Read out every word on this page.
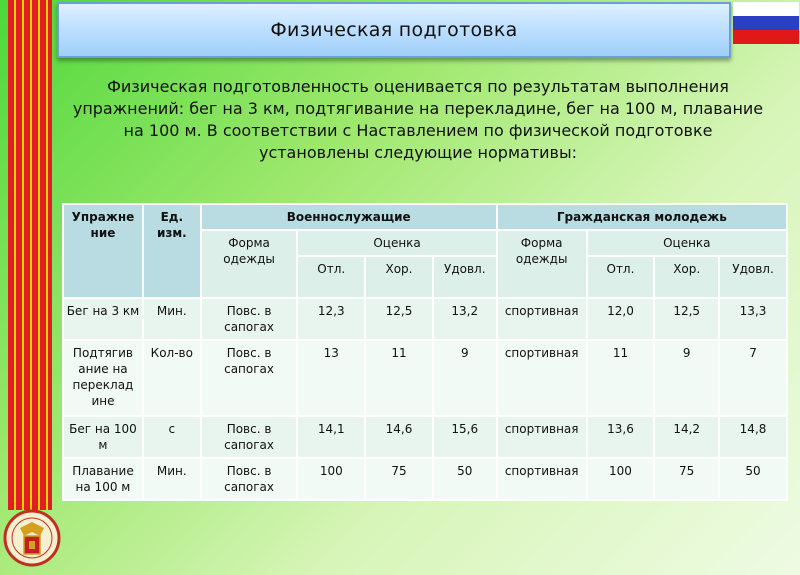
Физическая подготовка
Физическая подготовленность оценивается по результатам выполнения упражнений: бег на 3 км, подтягивание на перекладине, бег на 100 м, плавание на 100 м. В соответствии с Наставлением по физической подготовке установлены следующие нормативы:
Упражне ние	Ед. изм.	Военнослужащие				Гражданская молодежь			
		Форма одежды	Оценка			Форма одежды	Оценка		
			Отл.	Хор.	Удовл.		Отл.	Хор.	Удовл.
Бег на 3 км	Мин.	Повс. в сапогах	12,3	12,5	13,2	спортивная	12,0	12,5	13,3
Подтягив ание на переклад ине	Кол-во	Повс. в сапогах	13	11	9	спортивная	11	9	7
Бег на 100 м	с	Повс. в сапогах	14,1	14,6	15,6	спортивная	13,6	14,2	14,8
Плавание на 100 м	Мин.	Повс. в сапогах	100	75	50	спортивная	100	75	50
